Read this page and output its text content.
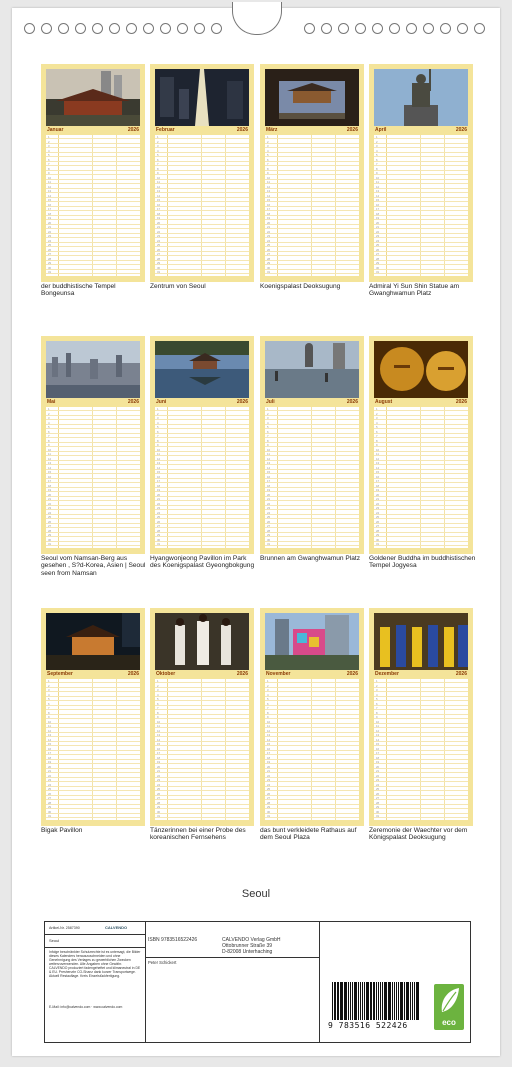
Januar	2026
1
2
3
4
5
6
7
8
9
10
11
12
13
14
15
16
17
18
19
20
21
22
23
24
25
26
27
28
29
30
31
der buddhistische Tempel Bongeunsa
Februar	2026
1
2
3
4
5
6
7
8
9
10
11
12
13
14
15
16
17
18
19
20
21
22
23
24
25
26
27
28
29
30
31
Zentrum von Seoul
März	2026
1
2
3
4
5
6
7
8
9
10
11
12
13
14
15
16
17
18
19
20
21
22
23
24
25
26
27
28
29
30
31
Koenigspalast Deoksugung
April	2026
1
2
3
4
5
6
7
8
9
10
11
12
13
14
15
16
17
18
19
20
21
22
23
24
25
26
27
28
29
30
31
Admiral Yi Sun Shin Statue am Gwanghwamun Platz
Mai	2026
1
2
3
4
5
6
7
8
9
10
11
12
13
14
15
16
17
18
19
20
21
22
23
24
25
26
27
28
29
30
31
Seoul vom Namsan-Berg aus gesehen , S?d-Korea, Asien | Seoul seen from Namsan
Juni	2026
1
2
3
4
5
6
7
8
9
10
11
12
13
14
15
16
17
18
19
20
21
22
23
24
25
26
27
28
29
30
31
Hyangwonjeong Pavillon im Park des Koenigspalast Gyeongbokgung
Juli	2026
1
2
3
4
5
6
7
8
9
10
11
12
13
14
15
16
17
18
19
20
21
22
23
24
25
26
27
28
29
30
31
Brunnen am Gwanghwamun Platz
August	2026
1
2
3
4
5
6
7
8
9
10
11
12
13
14
15
16
17
18
19
20
21
22
23
24
25
26
27
28
29
30
31
Goldener Buddha im buddhistischen Tempel Jogyesa
September	2026
1
2
3
4
5
6
7
8
9
10
11
12
13
14
15
16
17
18
19
20
21
22
23
24
25
26
27
28
29
30
31
Bigak Pavillon
Oktober	2026
1
2
3
4
5
6
7
8
9
10
11
12
13
14
15
16
17
18
19
20
21
22
23
24
25
26
27
28
29
30
31
Tänzerinnen bei einer Probe des koreanischen Fernsehens
November	2026
1
2
3
4
5
6
7
8
9
10
11
12
13
14
15
16
17
18
19
20
21
22
23
24
25
26
27
28
29
30
31
das bunt verkleidete Rathaus auf dem Seoul Plaza
Dezember	2026
1
2
3
4
5
6
7
8
9
10
11
12
13
14
15
16
17
18
19
20
21
22
23
24
25
26
27
28
29
30
31
Zeremonie der Waechter vor dem Königspalast Deoksugung
Seoul
Artikel-Nr. 2587390	CALVENDO
Seoul
Infolge beschränkter Schutzrechte ist es untersagt, die Bilder dieses Kalenders herauszuschneiden und ohne Genehmigung des Verlages zu gewerblichen Zwecken weiterzuverwenden. Alle Angaben ohne Gewähr. CALVENDO produziert fadengeheftet und klimaneutral in DE & EU. Preshenzbr CO-Shanz dank kurzer Transportwege. Aktuell Restauflage. Kreis Einzelstückfertigung.
E-Mail: info@calvendo.com · www.calvendo.com
ISBN 9783516522426	CALVENDO Verlag GmbH
Ottobrunner Straße 39
D-82008 Unterhaching
Peter Schickert
9 783516 522426	eco
